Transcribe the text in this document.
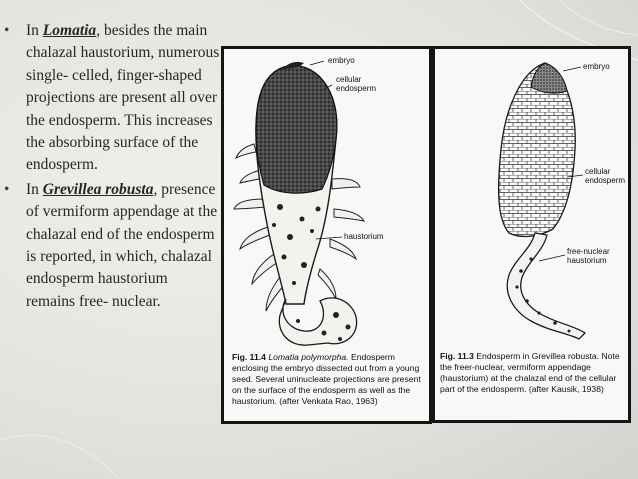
•	In Lomatia, besides the main chalazal haustorium, numerous single- celled, finger-shaped projections are present all over the endosperm. This increases the absorbing surface of the endosperm.
•	In Grevillea robusta, presence of vermiform appendage at the chalazal end of the endosperm is reported, in which, chalazal endosperm haustorium remains free- nuclear.
embryo
cellular endosperm
haustorium
Fig. 11.4 Lomatia polymorpha. Endosperm enclosing the embryo dissected out from a young seed. Several uninucleate projections are present on the surface of the endosperm as well as the haustorium. (after Venkata Rao, 1963)
embryo
cellular endosperm
free-nuclear haustorium
Fig. 11.3 Endosperm in Grevillea robusta. Note the freer-nuclear, vermiform appendage (haustorium) at the chalazal end of the cellular part of the endosperm. (after Kausik, 1938)
